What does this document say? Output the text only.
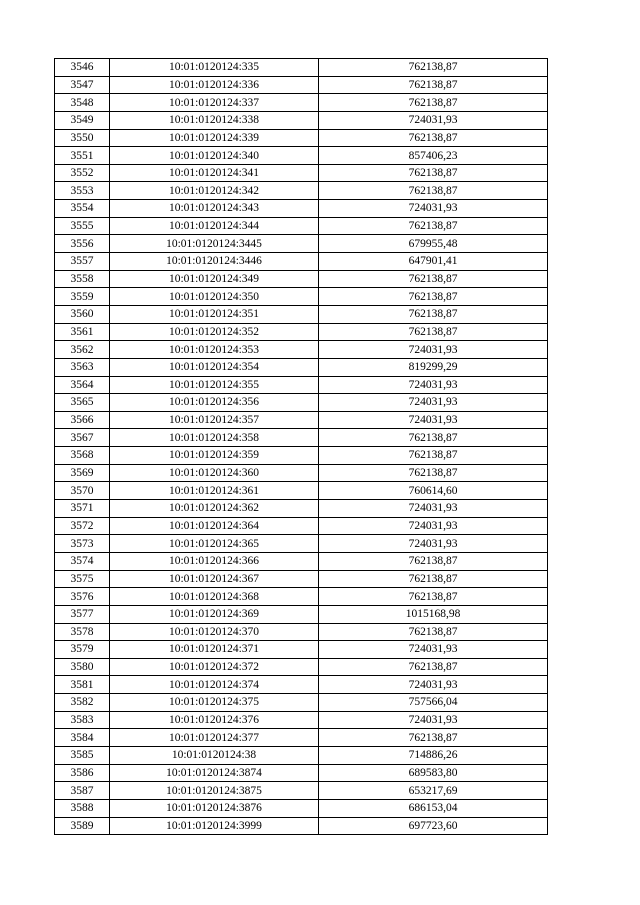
3546	10:01:0120124:335	762138,87
3547	10:01:0120124:336	762138,87
3548	10:01:0120124:337	762138,87
3549	10:01:0120124:338	724031,93
3550	10:01:0120124:339	762138,87
3551	10:01:0120124:340	857406,23
3552	10:01:0120124:341	762138,87
3553	10:01:0120124:342	762138,87
3554	10:01:0120124:343	724031,93
3555	10:01:0120124:344	762138,87
3556	10:01:0120124:3445	679955,48
3557	10:01:0120124:3446	647901,41
3558	10:01:0120124:349	762138,87
3559	10:01:0120124:350	762138,87
3560	10:01:0120124:351	762138,87
3561	10:01:0120124:352	762138,87
3562	10:01:0120124:353	724031,93
3563	10:01:0120124:354	819299,29
3564	10:01:0120124:355	724031,93
3565	10:01:0120124:356	724031,93
3566	10:01:0120124:357	724031,93
3567	10:01:0120124:358	762138,87
3568	10:01:0120124:359	762138,87
3569	10:01:0120124:360	762138,87
3570	10:01:0120124:361	760614,60
3571	10:01:0120124:362	724031,93
3572	10:01:0120124:364	724031,93
3573	10:01:0120124:365	724031,93
3574	10:01:0120124:366	762138,87
3575	10:01:0120124:367	762138,87
3576	10:01:0120124:368	762138,87
3577	10:01:0120124:369	1015168,98
3578	10:01:0120124:370	762138,87
3579	10:01:0120124:371	724031,93
3580	10:01:0120124:372	762138,87
3581	10:01:0120124:374	724031,93
3582	10:01:0120124:375	757566,04
3583	10:01:0120124:376	724031,93
3584	10:01:0120124:377	762138,87
3585	10:01:0120124:38	714886,26
3586	10:01:0120124:3874	689583,80
3587	10:01:0120124:3875	653217,69
3588	10:01:0120124:3876	686153,04
3589	10:01:0120124:3999	697723,60
